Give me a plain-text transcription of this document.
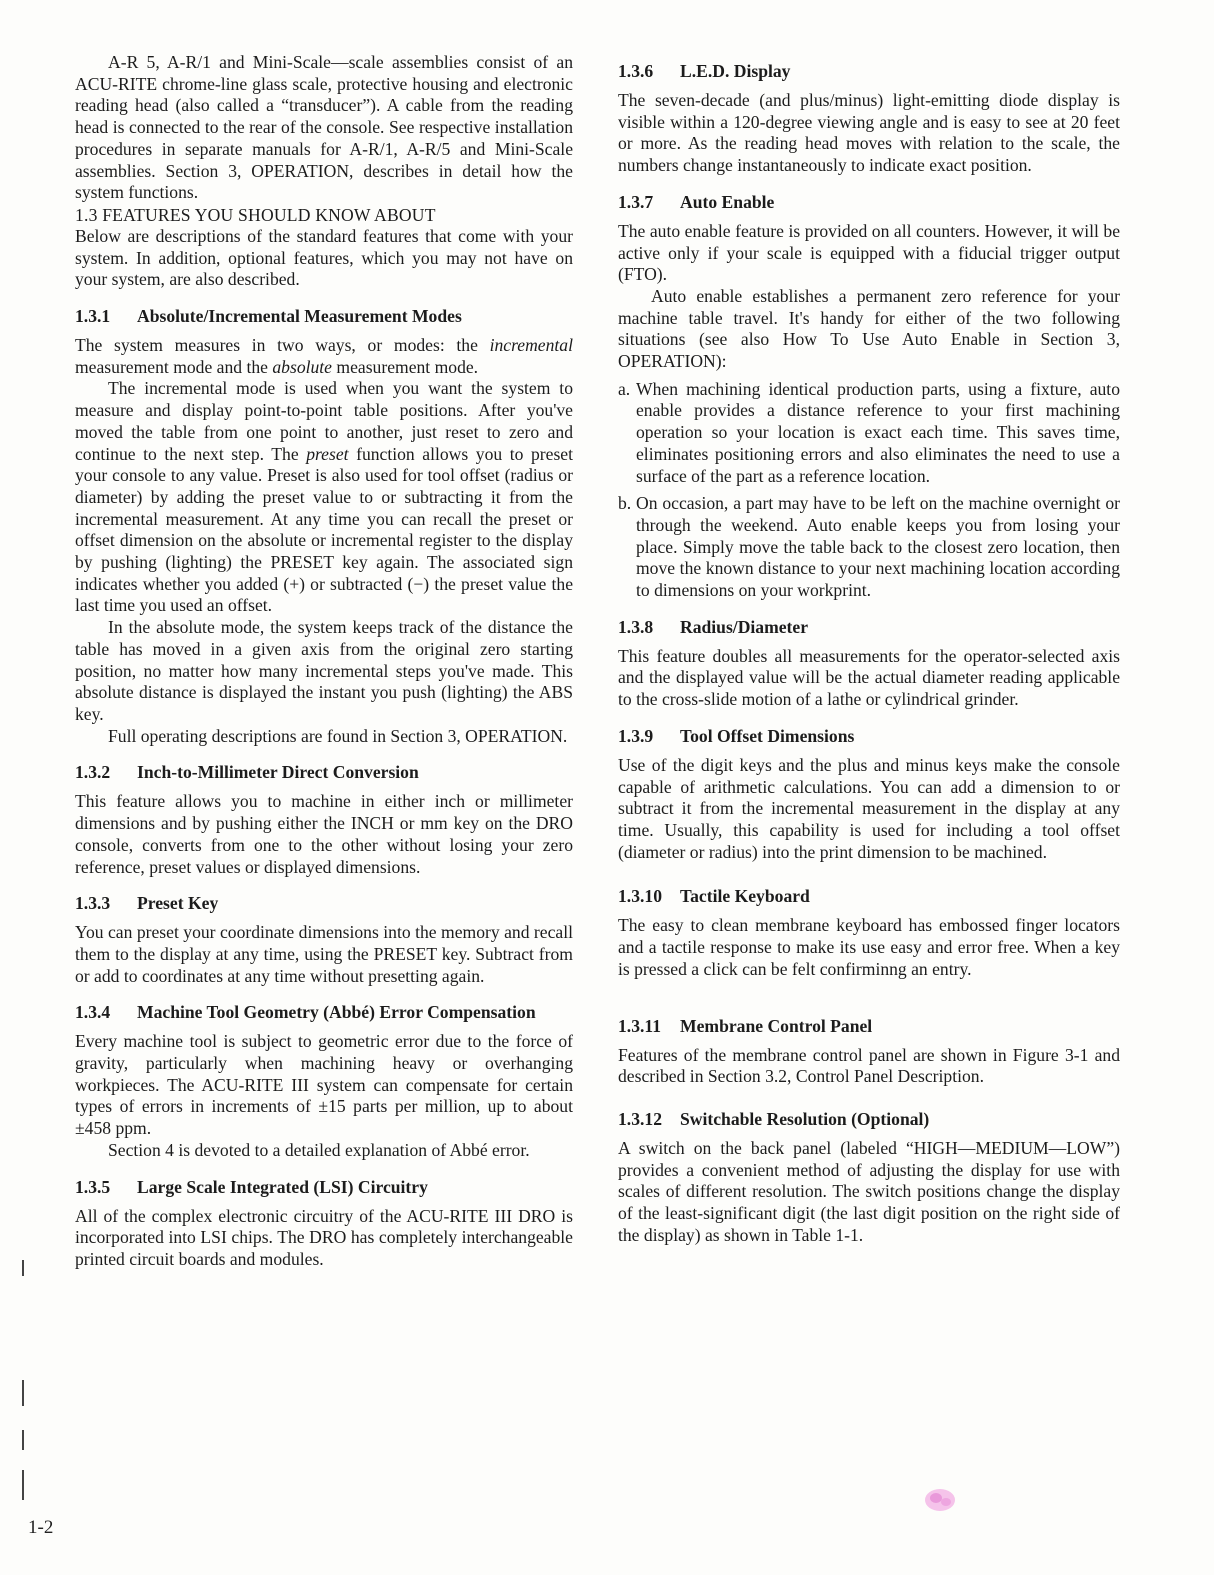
A-R 5, A-R/1 and Mini-Scale—scale assemblies consist of an ACU-RITE chrome-line glass scale, protective housing and electronic reading head (also called a “transducer”). A cable from the reading head is connected to the rear of the console. See respective installation procedures in separate manuals for A-R/1, A-R/5 and Mini-Scale assemblies. Section 3, OPERATION, describes in detail how the system functions.

1.3 FEATURES YOU SHOULD KNOW ABOUT

Below are descriptions of the standard features that come with your system. In addition, optional features, which you may not have on your system, are also described.

1.3.1	Absolute/Incremental Measurement Modes

The system measures in two ways, or modes: the incremental measurement mode and the absolute measurement mode.

The incremental mode is used when you want the system to measure and display point-to-point table positions. After you've moved the table from one point to another, just reset to zero and continue to the next step. The preset function allows you to preset your console to any value. Preset is also used for tool offset (radius or diameter) by adding the preset value to or subtracting it from the incremental measurement. At any time you can recall the preset or offset dimension on the absolute or incremental register to the display by pushing (lighting) the PRESET key again. The associated sign indicates whether you added (+) or subtracted (−) the preset value the last time you used an offset.

In the absolute mode, the system keeps track of the distance the table has moved in a given axis from the original zero starting position, no matter how many incremental steps you've made. This absolute distance is displayed the instant you push (lighting) the ABS key.

Full operating descriptions are found in Section 3, OPERATION.

1.3.2	Inch-to-Millimeter Direct Conversion

This feature allows you to machine in either inch or millimeter dimensions and by pushing either the INCH or mm key on the DRO console, converts from one to the other without losing your zero reference, preset values or displayed dimensions.

1.3.3	Preset Key

You can preset your coordinate dimensions into the memory and recall them to the display at any time, using the PRESET key. Subtract from or add to coordinates at any time without presetting again.

1.3.4	Machine Tool Geometry (Abbé) Error Compensation

Every machine tool is subject to geometric error due to the force of gravity, particularly when machining heavy or overhanging workpieces. The ACU-RITE III system can compensate for certain types of errors in increments of ±15 parts per million, up to about ±458 ppm.

Section 4 is devoted to a detailed explanation of Abbé error.

1.3.5	Large Scale Integrated (LSI) Circuitry

All of the complex electronic circuitry of the ACU-RITE III DRO is incorporated into LSI chips. The DRO has completely interchangeable printed circuit boards and modules.

1.3.6	L.E.D. Display

The seven-decade (and plus/minus) light-emitting diode display is visible within a 120-degree viewing angle and is easy to see at 20 feet or more. As the reading head moves with relation to the scale, the numbers change instantaneously to indicate exact position.

1.3.7	Auto Enable

The auto enable feature is provided on all counters. However, it will be active only if your scale is equipped with a fiducial trigger output (FTO).

Auto enable establishes a permanent zero reference for your machine table travel. It's handy for either of the two following situations (see also How To Use Auto Enable in Section 3, OPERATION):

a. When machining identical production parts, using a fixture, auto enable provides a distance reference to your first machining operation so your location is exact each time. This saves time, eliminates positioning errors and also eliminates the need to use a surface of the part as a reference location.
b. On occasion, a part may have to be left on the machine overnight or through the weekend. Auto enable keeps you from losing your place. Simply move the table back to the closest zero location, then move the known distance to your next machining location according to dimensions on your workprint.
1.3.8	Radius/Diameter

This feature doubles all measurements for the operator-selected axis and the displayed value will be the actual diameter reading applicable to the cross-slide motion of a lathe or cylindrical grinder.

1.3.9	Tool Offset Dimensions

Use of the digit keys and the plus and minus keys make the console capable of arithmetic calculations. You can add a dimension to or subtract it from the incremental measurement in the display at any time. Usually, this capability is used for including a tool offset (diameter or radius) into the print dimension to be machined.

1.3.10	Tactile Keyboard

The easy to clean membrane keyboard has embossed finger locators and a tactile response to make its use easy and error free. When a key is pressed a click can be felt confirminng an entry.

1.3.11	Membrane Control Panel

Features of the membrane control panel are shown in Figure 3-1 and described in Section 3.2, Control Panel Description.

1.3.12	Switchable Resolution (Optional)

A switch on the back panel (labeled “HIGH—MEDIUM—LOW”) provides a convenient method of adjusting the display for use with scales of different resolution. The switch positions change the display of the least-significant digit (the last digit position on the right side of the display) as shown in Table 1-1.

1-2
